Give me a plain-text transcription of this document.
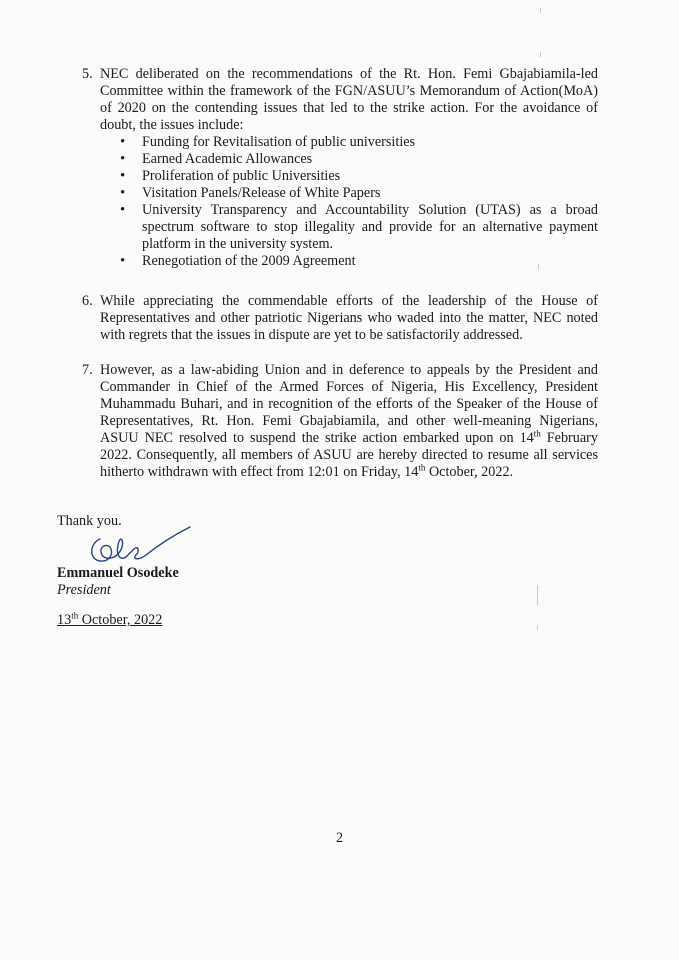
5. NEC deliberated on the recommendations of the Rt. Hon. Femi Gbajabiamila-led Committee within the framework of the FGN/ASUU’s Memorandum of Action(MoA) of 2020 on the contending issues that led to the strike action. For the avoidance of doubt, the issues include:
• Funding for Revitalisation of public universities
• Earned Academic Allowances
• Proliferation of public Universities
• Visitation Panels/Release of White Papers
• University Transparency and Accountability Solution (UTAS) as a broad spectrum software to stop illegality and provide for an alternative payment platform in the university system.
• Renegotiation of the 2009 Agreement
6. While appreciating the commendable efforts of the leadership of the House of Representatives and other patriotic Nigerians who waded into the matter, NEC noted with regrets that the issues in dispute are yet to be satisfactorily addressed.
7. However, as a law-abiding Union and in deference to appeals by the President and Commander in Chief of the Armed Forces of Nigeria, His Excellency, President Muhammadu Buhari, and in recognition of the efforts of the Speaker of the House of Representatives, Rt. Hon. Femi Gbajabiamila, and other well-meaning Nigerians, ASUU NEC resolved to suspend the strike action embarked upon on 14th February 2022. Consequently, all members of ASUU are hereby directed to resume all services hitherto withdrawn with effect from 12:01 on Friday, 14th October, 2022.
Thank you.
Emmanuel Osodeke
President
13th October, 2022
2
